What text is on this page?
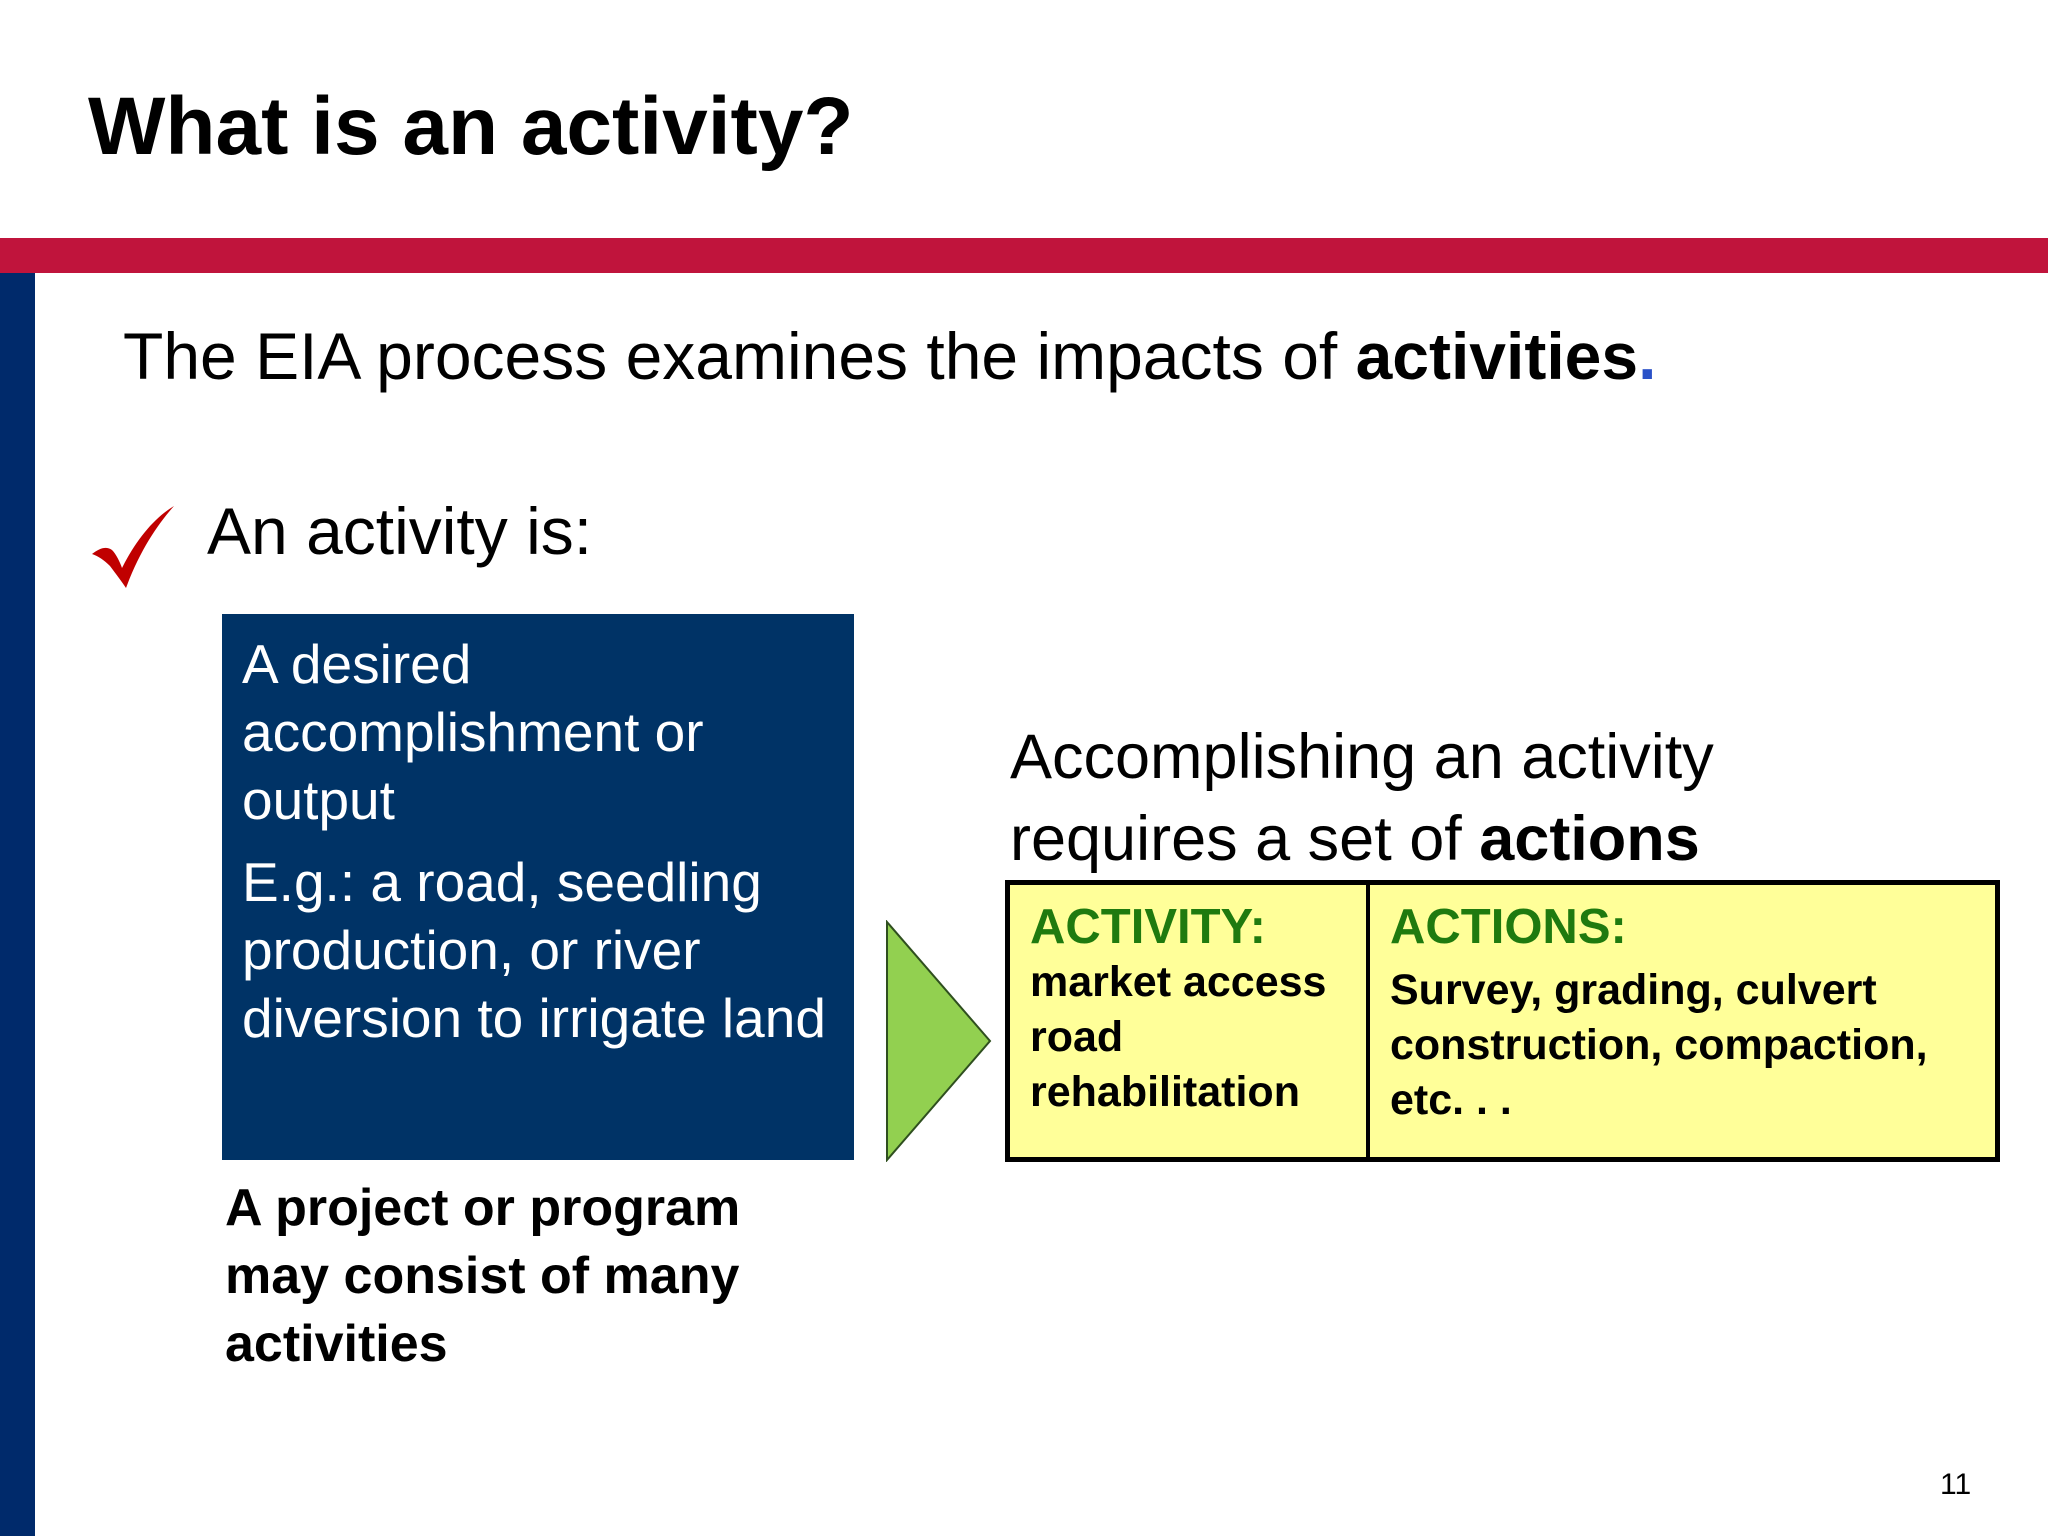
What is an activity?
The EIA process examines the impacts of activities.
An activity is:

A desired accomplishment or output

E.g.: a road, seedling production, or river diversion to irrigate land

A project or program may consist of many activities
Accomplishing an activity
requires a set of actions
ACTIVITY:
market access road rehabilitation
ACTIONS:
Survey, grading, culvert construction, compaction, etc. . .
11
